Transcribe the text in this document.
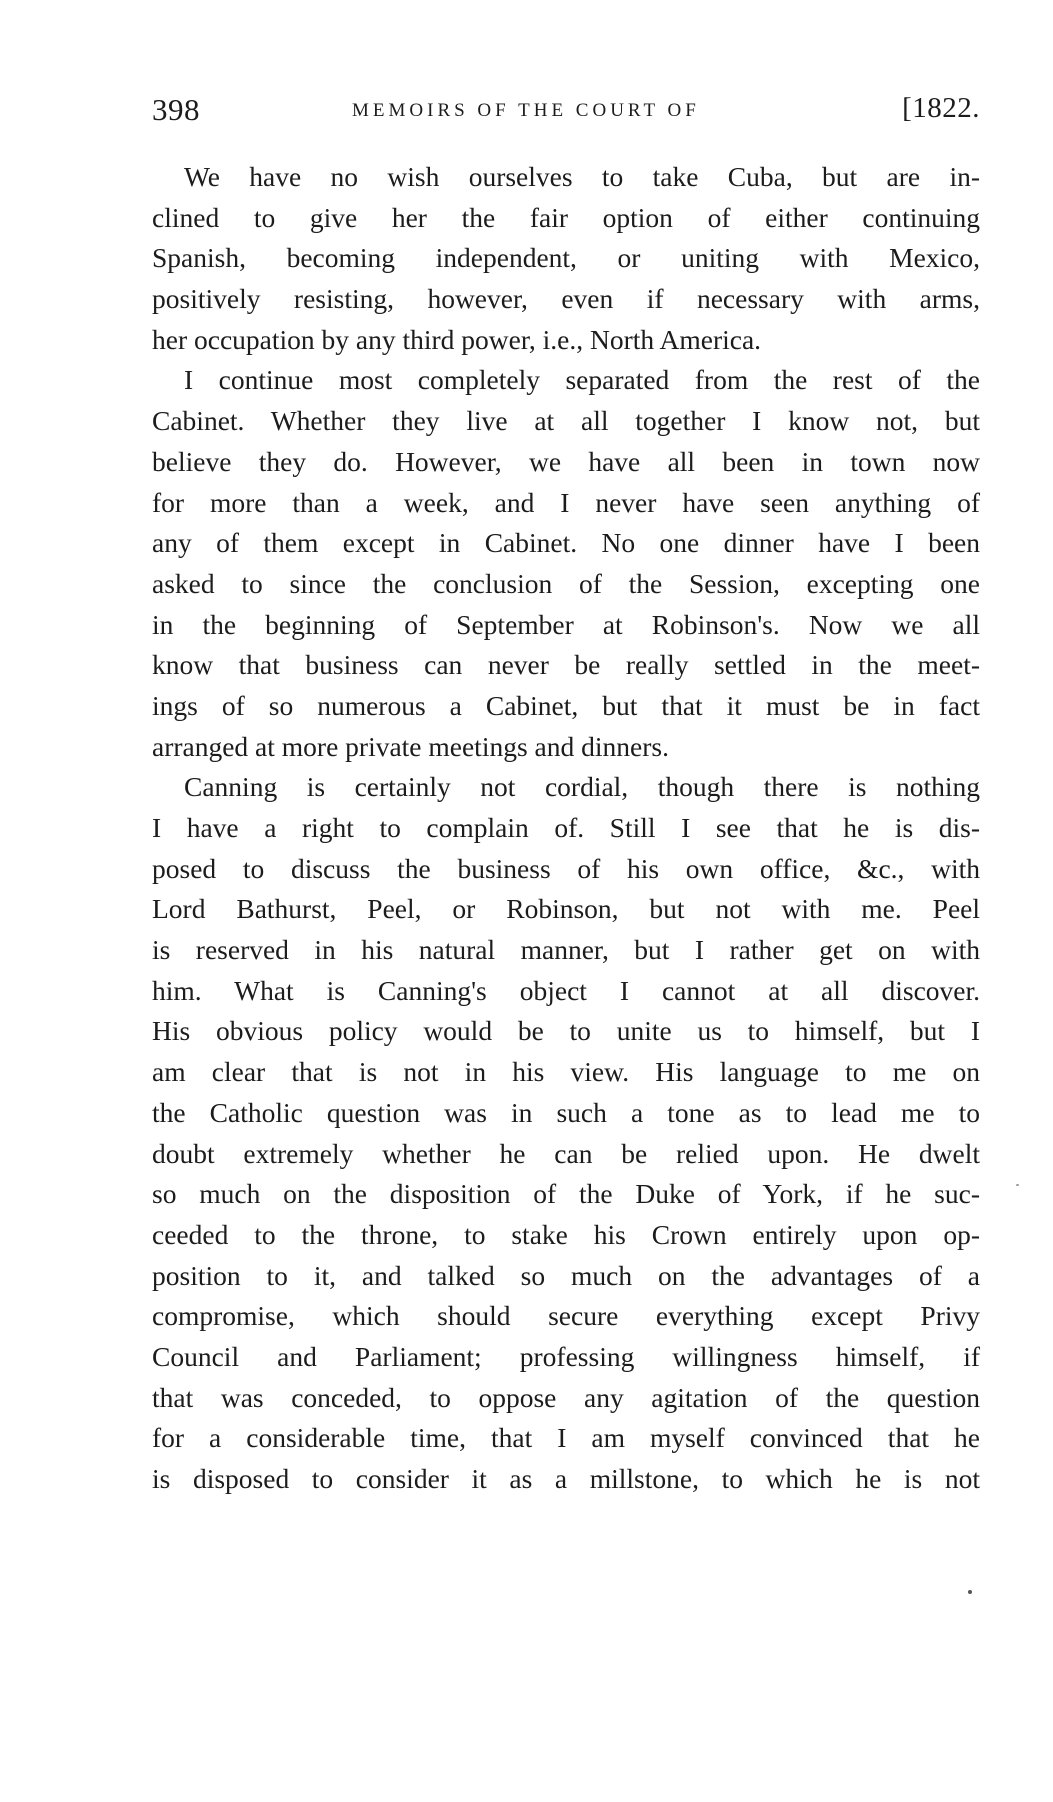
398	MEMOIRS OF THE COURT OF	[1822.
We have no wish ourselves to take Cuba, but are in-
clined to give her the fair option of either continuing
Spanish, becoming independent, or uniting with Mexico,
positively resisting, however, even if necessary with arms,
her occupation by any third power, i.e., North America.
I continue most completely separated from the rest of the
Cabinet. Whether they live at all together I know not, but
believe they do. However, we have all been in town now
for more than a week, and I never have seen anything of
any of them except in Cabinet. No one dinner have I been
asked to since the conclusion of the Session, excepting one
in the beginning of September at Robinson's. Now we all
know that business can never be really settled in the meet-
ings of so numerous a Cabinet, but that it must be in fact
arranged at more private meetings and dinners.
Canning is certainly not cordial, though there is nothing
I have a right to complain of. Still I see that he is dis-
posed to discuss the business of his own office, &c., with
Lord Bathurst, Peel, or Robinson, but not with me. Peel
is reserved in his natural manner, but I rather get on with
him. What is Canning's object I cannot at all discover.
His obvious policy would be to unite us to himself, but I
am clear that is not in his view. His language to me on
the Catholic question was in such a tone as to lead me to
doubt extremely whether he can be relied upon. He dwelt
so much on the disposition of the Duke of York, if he suc-
ceeded to the throne, to stake his Crown entirely upon op-
position to it, and talked so much on the advantages of a
compromise, which should secure everything except Privy
Council and Parliament; professing willingness himself, if
that was conceded, to oppose any agitation of the question
for a considerable time, that I am myself convinced that he
is disposed to consider it as a millstone, to which he is not
